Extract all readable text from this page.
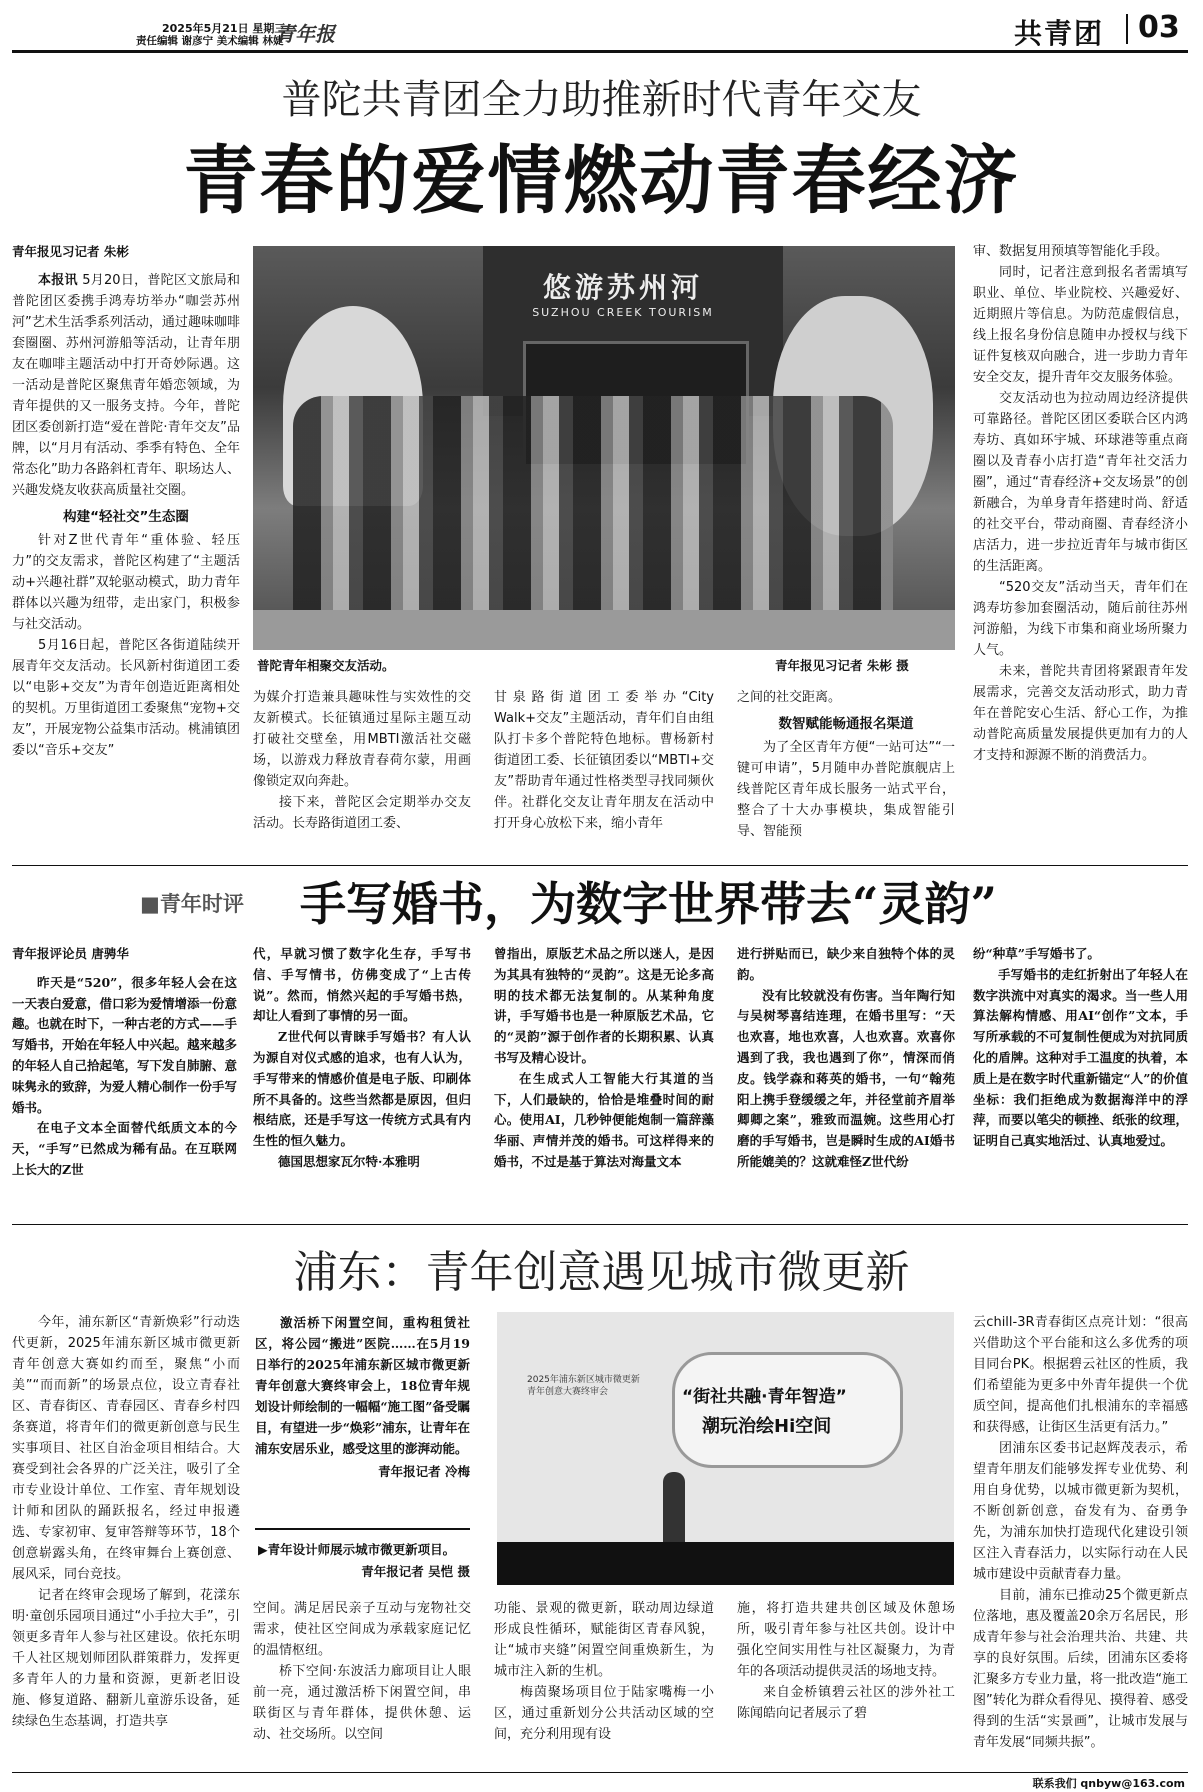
2025年5月21日 星期三
责任编辑 谢彦宁 美术编辑 林婕
青年报	共青团 03
普陀共青团全力助推新时代青年交友
青春的爱情燃动青春经济

青年报见习记者 朱彬

本报讯 5月20日，普陀区文旅局和普陀团区委携手鸿寿坊举办“咖尝苏州河”艺术生活季系列活动，通过趣味咖啡套圈圈、苏州河游船等活动，让青年朋友在咖啡主题活动中打开奇妙际遇。这一活动是普陀区聚焦青年婚恋领域，为青年提供的又一服务支持。今年，普陀团区委创新打造“爱在普陀·青年交友”品牌，以“月月有活动、季季有特色、全年常态化”助力各路斜杠青年、职场达人、兴趣发烧友收获高质量社交圈。

构建“轻社交”生态圈

针对Z世代青年“重体验、轻压力”的交友需求，普陀区构建了“主题活动+兴趣社群”双轮驱动模式，助力青年群体以兴趣为纽带，走出家门，积极参与社交活动。

5月16日起，普陀区各街道陆续开展青年交友活动。长风新村街道团工委以“电影+交友”为青年创造近距离相处的契机。万里街道团工委聚焦“宠物+交友”，开展宠物公益集市活动。桃浦镇团委以“音乐+交友”

悠游苏州河
SUZHOU CREEK TOURISM
普陀青年相聚交友活动。	青年报见习记者 朱彬 摄

为媒介打造兼具趣味性与实效性的交友新模式。长征镇通过星际主题互动打破社交壁垒，用MBTI激活社交磁场，以游戏力释放青春荷尔蒙，用画像锁定双向奔赴。

接下来，普陀区会定期举办交友活动。长寿路街道团工委、

甘泉路街道团工委举办“City Walk+交友”主题活动，青年们自由组队打卡多个普陀特色地标。曹杨新村街道团工委、长征镇团委以“MBTI+交友”帮助青年通过性格类型寻找同频伙伴。社群化交友让青年朋友在活动中打开身心放松下来，缩小青年

之间的社交距离。

数智赋能畅通报名渠道

为了全区青年方便“一站可达”“一键可申请”，5月随申办普陀旗舰店上线普陀区青年成长服务一站式平台，整合了十大办事模块，集成智能引导、智能预

审、数据复用预填等智能化手段。

同时，记者注意到报名者需填写职业、单位、毕业院校、兴趣爱好、近期照片等信息。为防范虚假信息，线上报名身份信息随申办授权与线下证件复核双向融合，进一步助力青年安全交友，提升青年交友服务体验。

交友活动也为拉动周边经济提供可靠路径。普陀区团区委联合区内鸿寿坊、真如环宇城、环球港等重点商圈以及青春小店打造“青年社交活力圈”，通过“青春经济+交友场景”的创新融合，为单身青年搭建时尚、舒适的社交平台，带动商圈、青春经济小店活力，进一步拉近青年与城市街区的生活距离。

“520交友”活动当天，青年们在鸿寿坊参加套圈活动，随后前往苏州河游船，为线下市集和商业场所聚力人气。

未来，普陀共青团将紧跟青年发展需求，完善交友活动形式，助力青年在普陀安心生活、舒心工作，为推动普陀高质量发展提供更加有力的人才支持和源源不断的消费活力。

■青年时评 手写婚书，为数字世界带去“灵韵”

青年报评论员 唐骋华

昨天是“520”，很多年轻人会在这一天表白爱意，借口彩为爱情增添一份意趣。也就在时下，一种古老的方式——手写婚书，开始在年轻人中兴起。越来越多的年轻人自己拾起笔，写下发自肺腑、意味隽永的致辞，为爱人精心制作一份手写婚书。

在电子文本全面替代纸质文本的今天，“手写”已然成为稀有品。在互联网上长大的Z世

代，早就习惯了数字化生存，手写书信、手写情书，仿佛变成了“上古传说”。然而，悄然兴起的手写婚书热，却让人看到了事情的另一面。

Z世代何以青睐手写婚书？有人认为源自对仪式感的追求，也有人认为，手写带来的情感价值是电子版、印刷体所不具备的。这些当然都是原因，但归根结底，还是手写这一传统方式具有内生性的恒久魅力。

德国思想家瓦尔特·本雅明

曾指出，原版艺术品之所以迷人，是因为其具有独特的“灵韵”。这是无论多高明的技术都无法复制的。从某种角度讲，手写婚书也是一种原版艺术品，它的“灵韵”源于创作者的长期积累、认真书写及精心设计。

在生成式人工智能大行其道的当下，人们最缺的，恰恰是堆叠时间的耐心。使用AI，几秒钟便能炮制一篇辞藻华丽、声情并茂的婚书。可这样得来的婚书，不过是基于算法对海量文本

进行拼贴而已，缺少来自独特个体的灵韵。

没有比较就没有伤害。当年陶行知与吴树琴喜结连理，在婚书里写：“天也欢喜，地也欢喜，人也欢喜。欢喜你遇到了我，我也遇到了你”，情深而俏皮。钱学森和蒋英的婚书，一句“翰苑阳上携手登缓缓之年，并径堂前齐眉举卿卿之案”，雅致而温婉。这些用心打磨的手写婚书，岂是瞬时生成的AI婚书所能媲美的？这就难怪Z世代纷

纷“种草”手写婚书了。

手写婚书的走红折射出了年轻人在数字洪流中对真实的渴求。当一些人用算法解构情感、用AI“创作”文本，手写所承载的不可复制性便成为对抗同质化的盾牌。这种对手工温度的执着，本质上是在数字时代重新锚定“人”的价值坐标：我们拒绝成为数据海洋中的浮萍，而要以笔尖的顿挫、纸张的纹理，证明自己真实地活过、认真地爱过。

浦东：青年创意遇见城市微更新

今年，浦东新区“青新焕彩”行动迭代更新，2025年浦东新区城市微更新青年创意大赛如约而至，聚焦“小而美”“而而新”的场景点位，设立青春社区、青春街区、青春园区、青春乡村四条赛道，将青年们的微更新创意与民生实事项目、社区自治金项目相结合。大赛受到社会各界的广泛关注，吸引了全市专业设计单位、工作室、青年规划设计师和团队的踊跃报名，经过申报遴选、专家初审、复审答辩等环节，18个创意崭露头角，在终审舞台上赛创意、展风采，同台竞技。

记者在终审会现场了解到，花漾东明·童创乐园项目通过“小手拉大手”，引领更多青年人参与社区建设。依托东明千人社区规划师团队群策群力，发挥更多青年人的力量和资源，更新老旧设施、修复道路、翻新儿童游乐设备，延续绿色生态基调，打造共享

激活桥下闲置空间，重构租赁社区，将公园“搬进”医院……在5月19日举行的2025年浦东新区城市微更新青年创意大赛终审会上，18位青年规划设计师绘制的一幅幅“施工图”备受瞩目，有望进一步“焕彩”浦东，让青年在浦东安居乐业，感受这里的澎湃动能。

青年报记者 冷梅

▶青年设计师展示城市微更新项目。
青年报记者 吴恺 摄
2025年浦东新区城市微更新青年创意大赛终审会	“街社共融·青年智造”
潮玩治绘Hi空间

空间。满足居民亲子互动与宠物社交需求，使社区空间成为承载家庭记忆的温情枢纽。

桥下空间·东波活力廊项目让人眼前一亮，通过激活桥下闲置空间，串联街区与青年群体，提供休憩、运动、社交场所。以空间

功能、景观的微更新，联动周边绿道形成良性循环，赋能街区青春风貌，让“城市夹缝”闲置空间重焕新生，为城市注入新的生机。

梅茵聚场项目位于陆家嘴梅一小区，通过重新划分公共活动区域的空间，充分利用现有设

施，将打造共建共创区域及休憩场所，吸引青年参与社区共创。设计中强化空间实用性与社区凝聚力，为青年的各项活动提供灵活的场地支持。

来自金桥镇碧云社区的涉外社工陈闻皓向记者展示了碧

云chill-3R青春街区点亮计划：“很高兴借助这个平台能和这么多优秀的项目同台PK。根据碧云社区的性质，我们希望能为更多中外青年提供一个优质空间，提高他们扎根浦东的幸福感和获得感，让街区生活更有活力。”

团浦东区委书记赵辉茂表示，希望青年朋友们能够发挥专业优势、利用自身优势，以城市微更新为契机，不断创新创意，奋发有为、奋勇争先，为浦东加快打造现代化建设引领区注入青春活力，以实际行动在人民城市建设中贡献青春力量。

目前，浦东已推动25个微更新点位落地，惠及覆盖20余万名居民，形成青年参与社会治理共治、共建、共享的良好氛围。后续，团浦东区委将汇聚多方专业力量，将一批改造“施工图”转化为群众看得见、摸得着、感受得到的生活“实景画”，让城市发展与青年发展“同频共振”。

联系我们 qnbyw@163.com
